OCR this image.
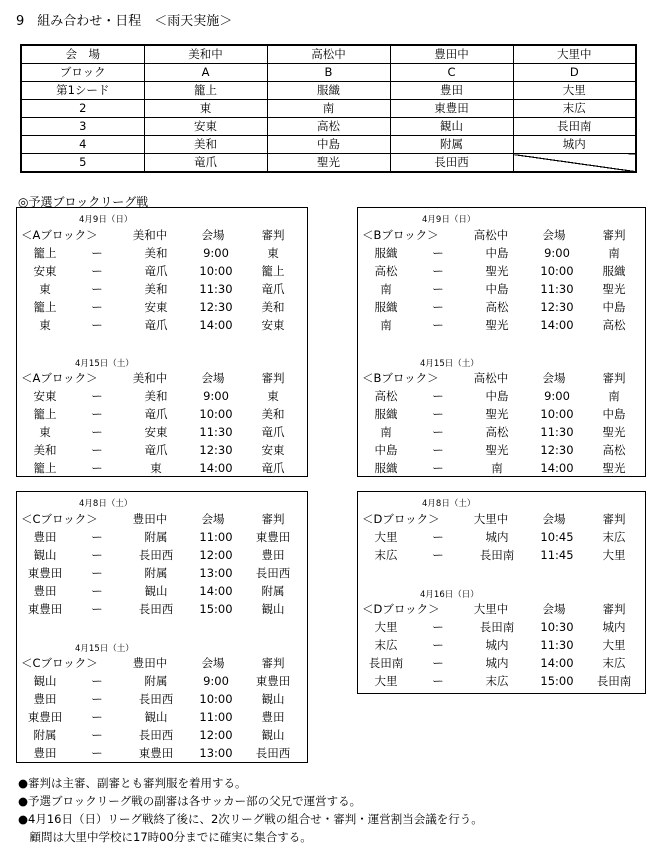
9　組み合わせ・日程　＜雨天実施＞
会　場	美和中	高松中	豊田中	大里中
ブロック	A	B	C	D
第1シード	籠上	服織	豊田	大里
2	東	南	東豊田	末広
3	安東	高松	観山	長田南
4	美和	中島	附属	城内
5	竜爪	聖光	長田西	
◎予選ブロックリーグ戦
4月9日（日）
＜Aブロック＞	美和中	会場	審判
籠上	ー	美和	9:00	東
安東	ー	竜爪	10:00	籠上
東	ー	美和	11:30	竜爪
籠上	ー	安東	12:30	美和
東	ー	竜爪	14:00	安東
4月15日（土）
＜Aブロック＞	美和中	会場	審判
安東	ー	美和	9:00	東
籠上	ー	竜爪	10:00	美和
東	ー	安東	11:30	竜爪
美和	ー	竜爪	12:30	安東
籠上	ー	東	14:00	竜爪
4月9日（日）
＜Bブロック＞	高松中	会場	審判
服織	ー	中島	9:00	南
高松	ー	聖光	10:00	服織
南	ー	中島	11:30	聖光
服織	ー	高松	12:30	中島
南	ー	聖光	14:00	高松
4月15日（土）
＜Bブロック＞	高松中	会場	審判
高松	ー	中島	9:00	南
服織	ー	聖光	10:00	中島
南	ー	高松	11:30	聖光
中島	ー	聖光	12:30	高松
服織	ー	南	14:00	聖光
4月8日（土）
＜Cブロック＞	豊田中	会場	審判
豊田	ー	附属	11:00	東豊田
観山	ー	長田西	12:00	豊田
東豊田	ー	附属	13:00	長田西
豊田	ー	観山	14:00	附属
東豊田	ー	長田西	15:00	観山
4月15日（土）
＜Cブロック＞	豊田中	会場	審判
観山	ー	附属	9:00	東豊田
豊田	ー	長田西	10:00	観山
東豊田	ー	観山	11:00	豊田
附属	ー	長田西	12:00	観山
豊田	ー	東豊田	13:00	長田西
4月8日（土）
＜Dブロック＞	大里中	会場	審判
大里	ー	城内	10:45	末広
末広	ー	長田南	11:45	大里
4月16日（日）
＜Dブロック＞	大里中	会場	審判
大里	ー	長田南	10:30	城内
末広	ー	城内	11:30	大里
長田南	ー	城内	14:00	末広
大里	ー	末広	15:00	長田南
●審判は主審、副審とも審判服を着用する。
●予選ブロックリーグ戦の副審は各サッカー部の父兄で運営する。
●4月16日（日）リーグ戦終了後に、2次リーグ戦の組合せ・審判・運営割当会議を行う。
　顧問は大里中学校に17時00分までに確実に集合する。
